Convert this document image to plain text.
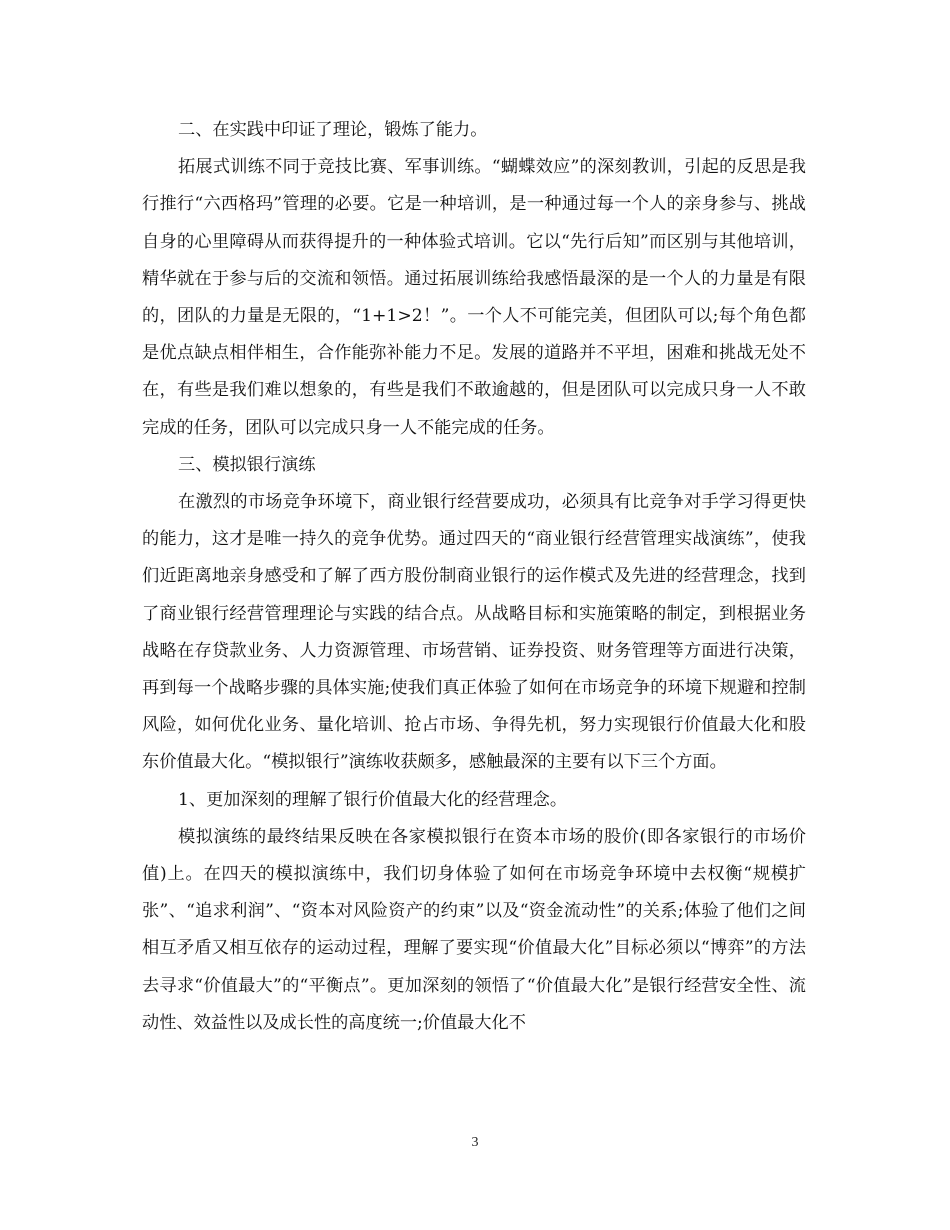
二、在实践中印证了理论，锻炼了能力。

拓展式训练不同于竞技比赛、军事训练。“蝴蝶效应”的深刻教训，引起的反思是我行推行“六西格玛”管理的必要。它是一种培训，是一种通过每一个人的亲身参与、挑战自身的心里障碍从而获得提升的一种体验式培训。它以“先行后知”而区别与其他培训，精华就在于参与后的交流和领悟。通过拓展训练给我感悟最深的是一个人的力量是有限的，团队的力量是无限的，“1+1>2！”。一个人不可能完美，但团队可以;每个角色都是优点缺点相伴相生，合作能弥补能力不足。发展的道路并不平坦，困难和挑战无处不在，有些是我们难以想象的，有些是我们不敢逾越的，但是团队可以完成只身一人不敢完成的任务，团队可以完成只身一人不能完成的任务。

三、模拟银行演练

在激烈的市场竞争环境下，商业银行经营要成功，必须具有比竞争对手学习得更快的能力，这才是唯一持久的竞争优势。通过四天的“商业银行经营管理实战演练”，使我们近距离地亲身感受和了解了西方股份制商业银行的运作模式及先进的经营理念，找到了商业银行经营管理理论与实践的结合点。从战略目标和实施策略的制定，到根据业务战略在存贷款业务、人力资源管理、市场营销、证券投资、财务管理等方面进行决策，再到每一个战略步骤的具体实施;使我们真正体验了如何在市场竞争的环境下规避和控制风险，如何优化业务、量化培训、抢占市场、争得先机，努力实现银行价值最大化和股东价值最大化。“模拟银行”演练收获颇多，感触最深的主要有以下三个方面。

1、更加深刻的理解了银行价值最大化的经营理念。

模拟演练的最终结果反映在各家模拟银行在资本市场的股价(即各家银行的市场价值)上。在四天的模拟演练中，我们切身体验了如何在市场竞争环境中去权衡“规模扩张”、“追求利润”、“资本对风险资产的约束”以及“资金流动性”的关系;体验了他们之间相互矛盾又相互依存的运动过程，理解了要实现“价值最大化”目标必须以“博弈”的方法去寻求“价值最大”的“平衡点”。更加深刻的领悟了“价值最大化”是银行经营安全性、流动性、效益性以及成长性的高度统一;价值最大化不

3
